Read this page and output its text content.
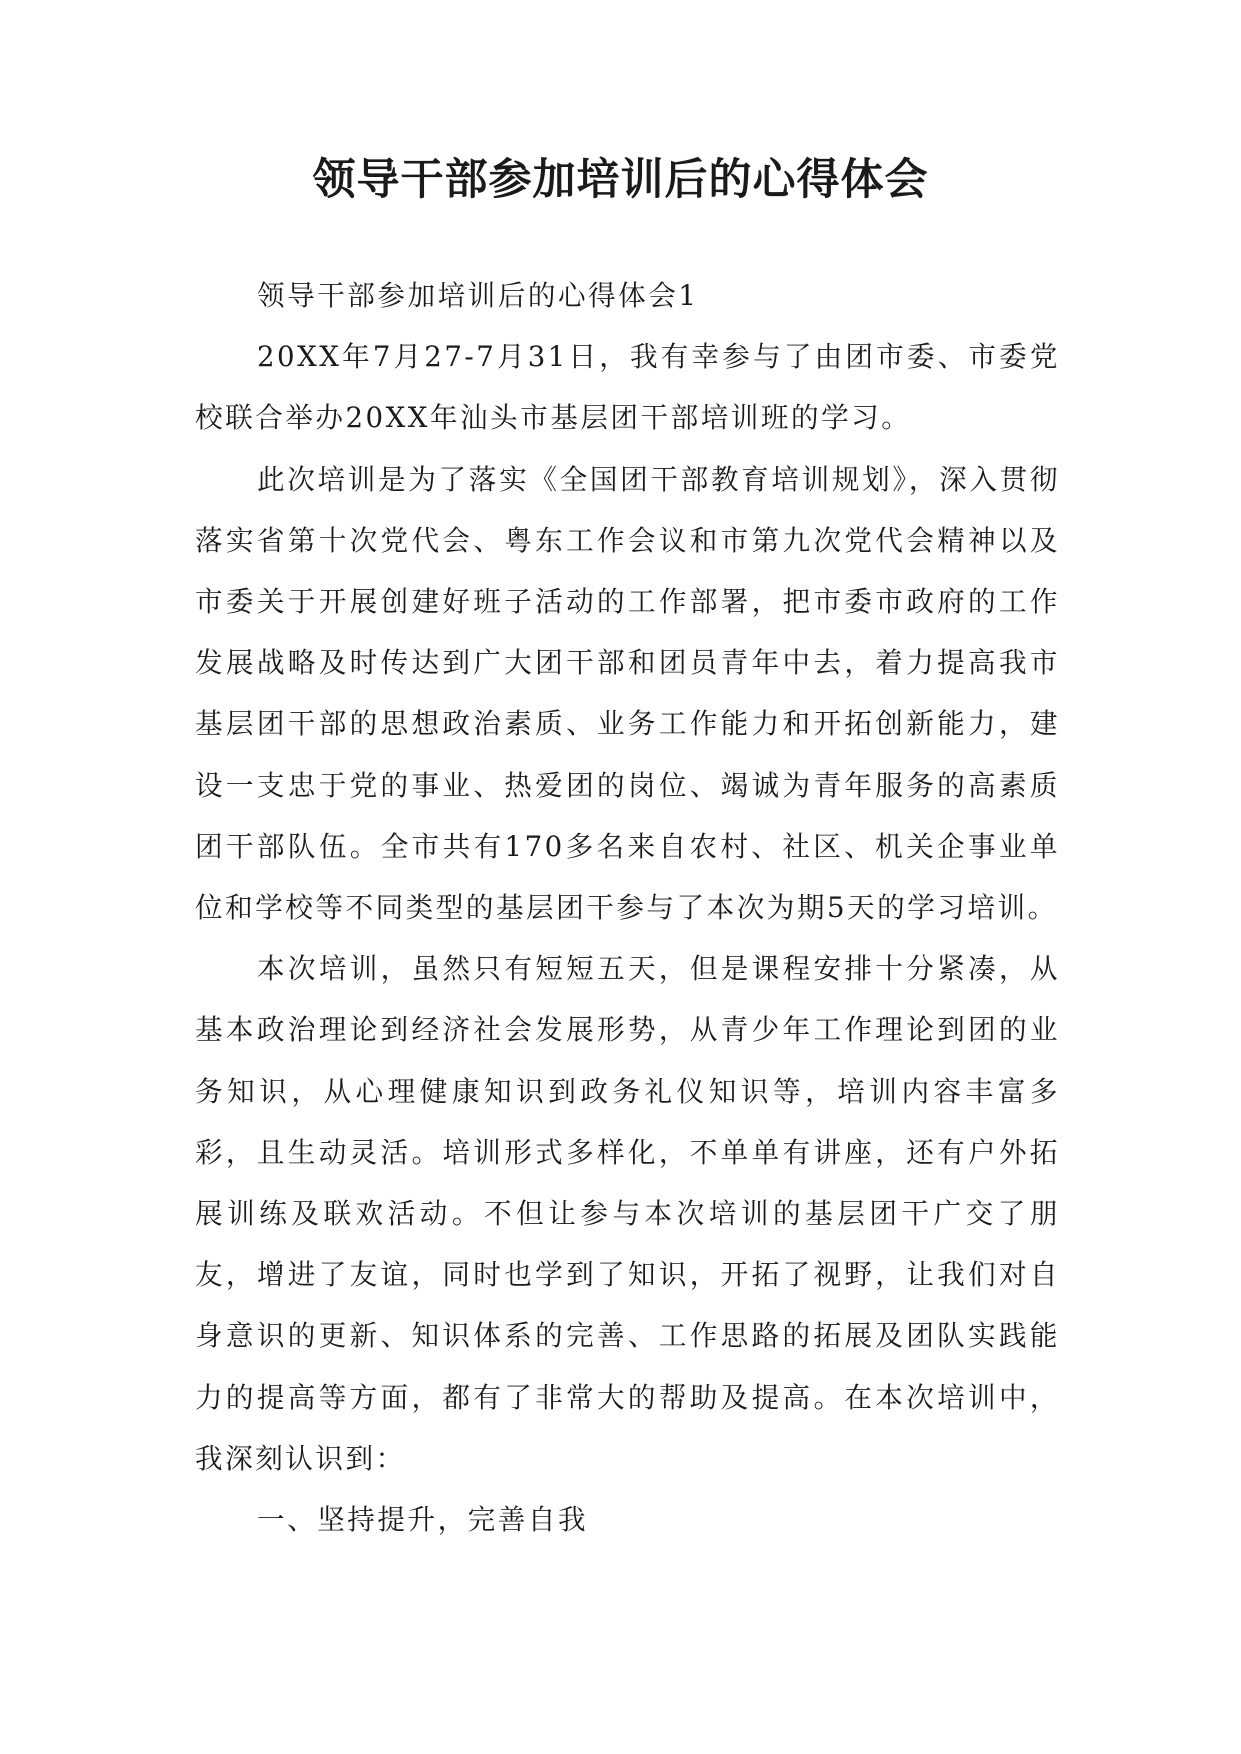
领导干部参加培训后的心得体会

领导干部参加培训后的心得体会1

20XX年7月27-7月31日，我有幸参与了由团市委、市委党校联合举办20XX年汕头市基层团干部培训班的学习。

此次培训是为了落实《全国团干部教育培训规划》，深入贯彻落实省第十次党代会、粤东工作会议和市第九次党代会精神以及市委关于开展创建好班子活动的工作部署，把市委市政府的工作发展战略及时传达到广大团干部和团员青年中去，着力提高我市基层团干部的思想政治素质、业务工作能力和开拓创新能力，建设一支忠于党的事业、热爱团的岗位、竭诚为青年服务的高素质团干部队伍。全市共有170多名来自农村、社区、机关企事业单位和学校等不同类型的基层团干参与了本次为期5天的学习培训。

本次培训，虽然只有短短五天，但是课程安排十分紧凑，从基本政治理论到经济社会发展形势，从青少年工作理论到团的业务知识，从心理健康知识到政务礼仪知识等，培训内容丰富多彩，且生动灵活。培训形式多样化，不单单有讲座，还有户外拓展训练及联欢活动。不但让参与本次培训的基层团干广交了朋友，增进了友谊，同时也学到了知识，开拓了视野，让我们对自身意识的更新、知识体系的完善、工作思路的拓展及团队实践能力的提高等方面，都有了非常大的帮助及提高。在本次培训中，我深刻认识到：

一、坚持提升，完善自我
